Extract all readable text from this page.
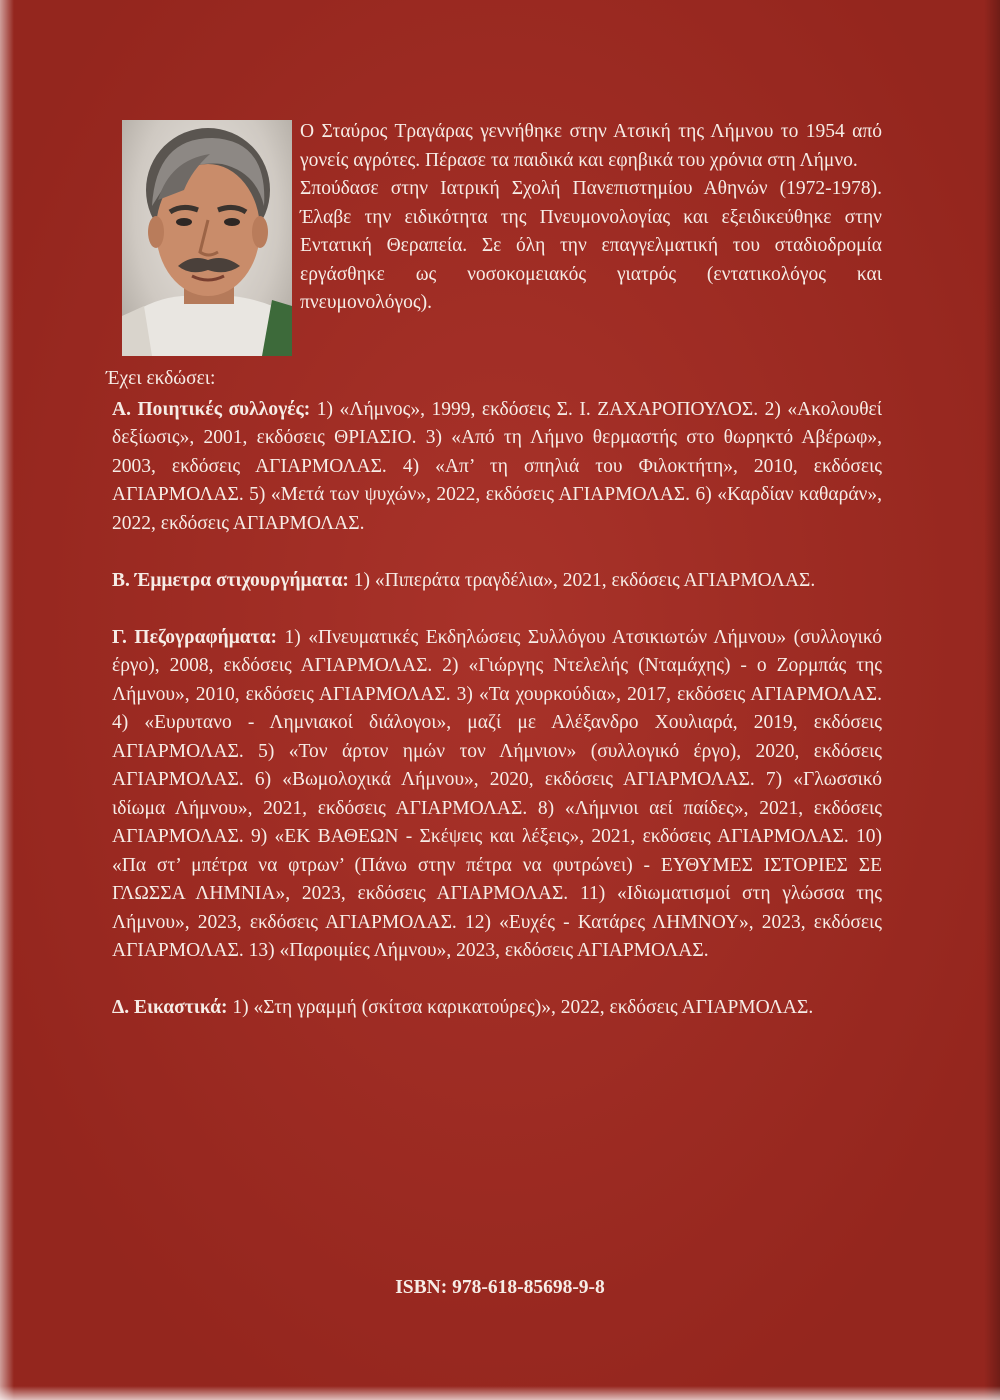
Ο Σταύρος Τραγάρας γεννήθηκε στην Ατσική της Λήμνου το 1954 από γονείς αγρότες. Πέρασε τα παιδικά και εφηβικά του χρόνια στη Λήμνο.

Σπούδασε στην Ιατρική Σχολή Πανεπιστημίου Αθηνών (1972-1978). Έλαβε την ειδικότητα της Πνευμονολογίας και εξειδικεύθηκε στην Εντατική Θεραπεία. Σε όλη την επαγγελματική του σταδιοδρομία εργάσθηκε ως νοσοκομειακός γιατρός (εντατικολόγος και πνευμονολόγος).

Έχει εκδώσει:
Α. Ποιητικές συλλογές: 1) «Λήμνος», 1999, εκδόσεις Σ. Ι. ΖΑΧΑΡΟΠΟΥΛΟΣ. 2) «Ακολουθεί δεξίωσις», 2001, εκδόσεις ΘΡΙΑΣΙΟ. 3) «Από τη Λήμνο θερμαστής στο θωρηκτό Αβέρωφ», 2003, εκδόσεις ΑΓΙΑΡΜΟΛΑΣ. 4) «Απ’ τη σπηλιά του Φιλοκτήτη», 2010, εκδόσεις ΑΓΙΑΡΜΟΛΑΣ. 5) «Μετά των ψυχών», 2022, εκδόσεις ΑΓΙΑΡΜΟΛΑΣ. 6) «Καρδίαν καθαράν», 2022, εκδόσεις ΑΓΙΑΡΜΟΛΑΣ.
Β. Έμμετρα στιχουργήματα: 1) «Πιπεράτα τραγδέλια», 2021, εκδόσεις ΑΓΙΑΡΜΟΛΑΣ.
Γ. Πεζογραφήματα: 1) «Πνευματικές Εκδηλώσεις Συλλόγου Ατσικιωτών Λήμνου» (συλλογικό έργο), 2008, εκδόσεις ΑΓΙΑΡΜΟΛΑΣ. 2) «Γιώργης Ντελελής (Νταμάχης) - ο Ζορμπάς της Λήμνου», 2010, εκδόσεις ΑΓΙΑΡΜΟΛΑΣ. 3) «Τα χουρκούδια», 2017, εκδόσεις ΑΓΙΑΡΜΟΛΑΣ. 4) «Ευρυτανο - Λημνιακοί διάλογοι», μαζί με Αλέξανδρο Χουλιαρά, 2019, εκδόσεις ΑΓΙΑΡΜΟΛΑΣ. 5) «Τον άρτον ημών τον Λήμνιον» (συλλογικό έργο), 2020, εκδόσεις ΑΓΙΑΡΜΟΛΑΣ. 6) «Βωμολοχικά Λήμνου», 2020, εκδόσεις ΑΓΙΑΡΜΟΛΑΣ. 7) «Γλωσσικό ιδίωμα Λήμνου», 2021, εκδόσεις ΑΓΙΑΡΜΟΛΑΣ. 8) «Λήμνιοι αεί παίδες», 2021, εκδόσεις ΑΓΙΑΡΜΟΛΑΣ. 9) «ΕΚ ΒΑΘΕΩΝ - Σκέψεις και λέξεις», 2021, εκδόσεις ΑΓΙΑΡΜΟΛΑΣ. 10) «Πα στ’ μπέτρα να φτρων’ (Πάνω στην πέτρα να φυτρώνει) - ΕΥΘΥΜΕΣ ΙΣΤΟΡΙΕΣ ΣΕ ΓΛΩΣΣΑ ΛΗΜΝΙΑ», 2023, εκδόσεις ΑΓΙΑΡΜΟΛΑΣ. 11) «Ιδιωματισμοί στη γλώσσα της Λήμνου», 2023, εκδόσεις ΑΓΙΑΡΜΟΛΑΣ. 12) «Ευχές - Κατάρες ΛΗΜΝΟΥ», 2023, εκδόσεις ΑΓΙΑΡΜΟΛΑΣ. 13) «Παροιμίες Λήμνου», 2023, εκδόσεις ΑΓΙΑΡΜΟΛΑΣ.
Δ. Εικαστικά: 1) «Στη γραμμή (σκίτσα καρικατούρες)», 2022, εκδόσεις ΑΓΙΑΡΜΟΛΑΣ.
ISBN: 978-618-85698-9-8
